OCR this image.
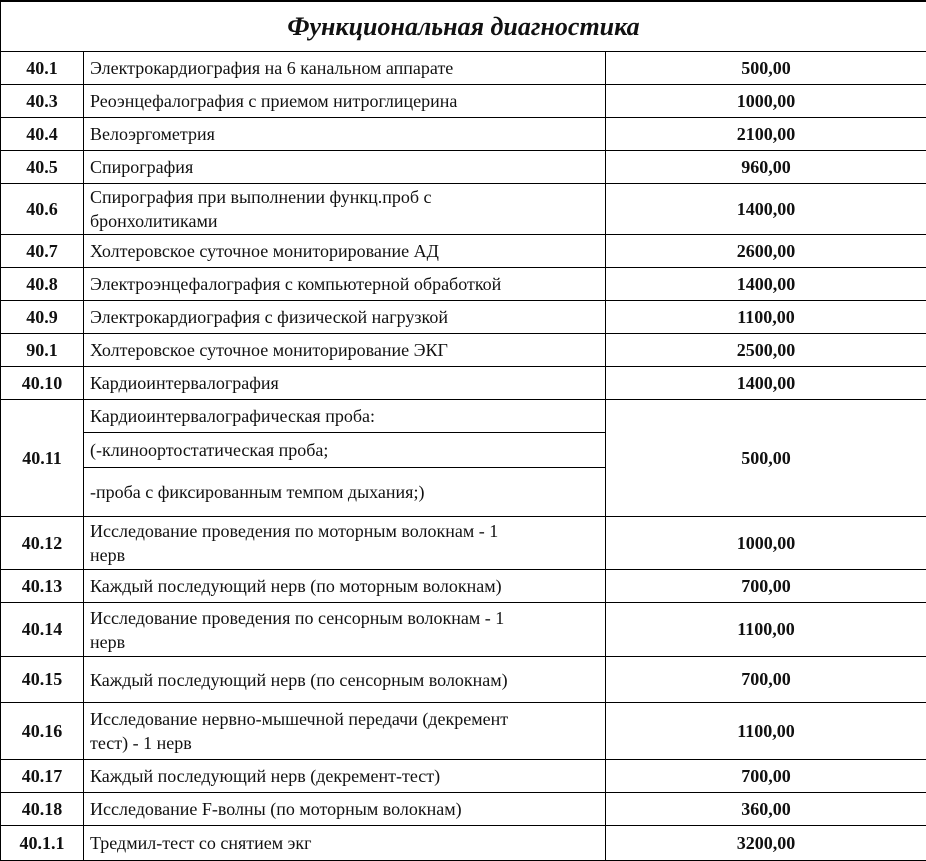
Функциональная диагностика		
40.1	Электрокардиография на 6 канальном аппарате	500,00
40.3	Реоэнцефалография с приемом нитроглицерина	1000,00
40.4	Велоэргометрия	2100,00
40.5	Спирография	960,00
40.6	Спирография при выполнении функц.проб с
бронхолитиками	1400,00
40.7	Холтеровское суточное мониторирование АД	2600,00
40.8	Электроэнцефалография с компьютерной обработкой	1400,00
40.9	Электрокардиография с физической нагрузкой	1100,00
90.1	Холтеровское суточное мониторирование ЭКГ	2500,00
40.10	Кардиоинтервалография	1400,00
40.11	Кардиоинтервалографическая проба:	500,00
	(-клиноортостатическая проба;	
	-проба с фиксированным темпом дыхания;)	
40.12	Исследование проведения по моторным волокнам - 1
нерв	1000,00
40.13	Каждый последующий нерв (по моторным волокнам)	700,00
40.14	Исследование проведения по сенсорным волокнам - 1
нерв	1100,00
40.15	Каждый последующий нерв (по сенсорным волокнам)	700,00
40.16	Исследование нервно-мышечной передачи (декремент
тест) - 1 нерв	1100,00
40.17	Каждый последующий нерв (декремент-тест)	700,00
40.18	Исследование F-волны (по моторным волокнам)	360,00
40.1.1	Тредмил-тест со снятием экг	3200,00
